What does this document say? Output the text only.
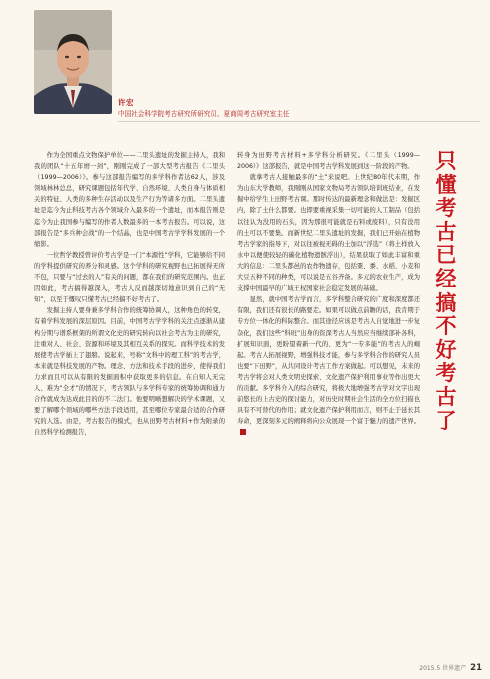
许宏
中国社会科学院考古研究所研究员、夏商周考古研究室主任

作为全国重点文物保护单位——二里头遗址的发掘主持人，我和我的团队“十五年磨一剑”，刚刚完成了一部大型考古报告《二里头（1999—2006）》。参与这部报告编写的多学科作者达62人，涉及领域林林总总，研究课题包括年代学、自然环境、人类自身与体质相关的特征、人类的多种生存活动以及生产行为等诸多方面。二里头遗址是迄今为止科技考古各个领域介入最多的一个遗址，而本报告则是迄今为止我国参与编写的作者人数最多的一本考古报告。可以说，这部报告是“多兵种会战”的一个结晶，也是中国考古学学科发展的一个缩影。

一位哲学教授曾评价考古学是一门“本源性”学科，它能够给不同的学科提供研究的养分和灵感。这个学科的研究视野也已拓展得无所不包，只要与“过去的人”有关的问题，都在我们的研究范围内。也正因如此，考古搞得越深入，考古人反而越深切地意识到自己的“无知”，以至于慨叹只懂考古已经搞不好考古了。

发掘主持人要身兼多学科合作的统筹协调人，这种角色的转变，有着学科发展的深层原因。目前，中国考古学学科的关注点逐渐从建构分期与谱系框架的所谓文化史的研究转向以社会考古为主的研究，注重对人、社会、资源和环境及其相互关系的探究。而科学技术的发展使考古学插上了翅膀。说起来，号称“文科中的理工科”的考古学，本来就是科技发展的产物。理念、方法和技术手段的进步，使得我们力求而且可以从有限的发掘面积中获取更多的信息。在自知人无完人、难为“全才”的情况下，考古领队与多学科专家的统筹协调和通力合作就成为达成此目的的不二法门。他要明晰想解决的学术课题，又要了解哪个领域的哪些方法手段适用，甚至哪位专家最合适的合作研究的人选。由是，考古报告的模式，也从田野考古材料+作为附录的自然科学检测报告，

转身为田野考古材料+多学科分析研究。《二里头（1999—2006）》这部报告，就是中国考古学科发展到这一阶段的产物。

就拿考古人接触最多的“土”来说吧。上世纪80年代末期，作为山东大学教师，我刚刚从国家文物局考古领队培训班结业，在发掘中给学生上田野考古课。那时传达的最新理念和做法是：发掘区内，除了土什么都要。也即要重视采集一切可能的人工制品（包括以往认为没用的石头，因为那很可能就是石料或废料），只有没用的土可以不要集。而新世纪二里头遗址的发掘，我们已开始在植物考古学家的指导下，对以往被视无碍的土加以“浮选”（将土样放入水中以便使较轻的碳化植物遗骸浮出），结果获取了如此丰富和重大的信息：二里头都邑的农作物遗存，包括粟、黍、水稻、小麦和大豆五种不同的种类，可以说是五谷齐备。多元的农业生产，成为支撑中国最早的广域王权国家社会稳定发展的基础。

显然，就中国考古学而言，多学科整合研究的广度和深度都还有限，我们还有很长的路要走。如果可以做点前瞻的话，我肯期于专方位一体化的科际整合。而其途径应该是考古人自觉地进一步复杂化，我们这些“科班”出身的资深考古人当然应当继续部补各科，扩展知识面，更盼望着新一代的、更为“一专多能”的考古人的崛起。考古人拓展视野，增强科技才能，参与多学科合作的研究人员也要“下田野”，从共同设计考古工作方案做起。可以想见，未来的考古学将会对人类文明史探索、文化遗产保护利用事业等作出更大的贡献。多学科介入的综合研究，将极大地增强考古学对文字出现前悠长的上古史的探讨能力，对历史时期社会生活的全方位扫描也具有不可替代的作用；就文化遗产保护利用而言，则不止于延长其寿命，更深刻多元的阐释将向公众展现一个富于魅力的遗产世界。

只
懂
考
古
已
经
搞
不
好
考
古
了
2015.5 世界遗产 21
